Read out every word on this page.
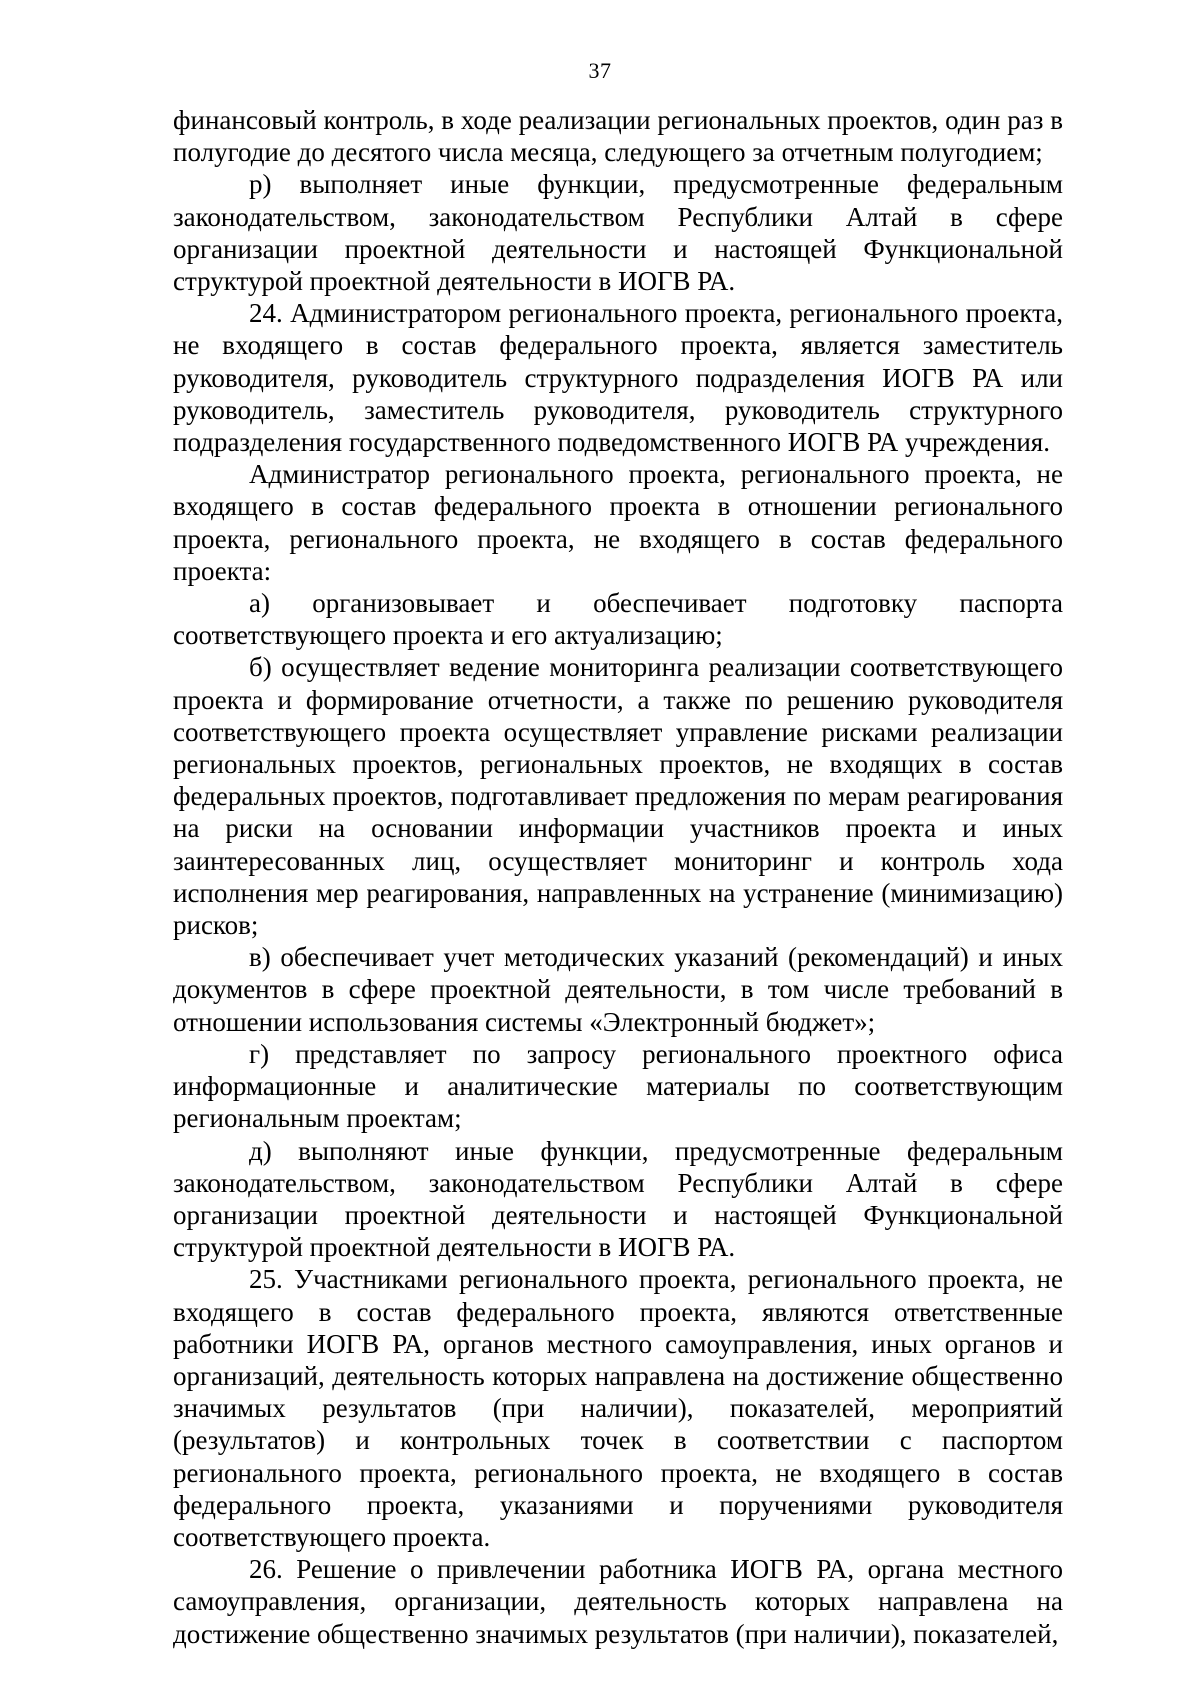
37

финансовый контроль, в ходе реализации региональных проектов, один раз в полугодие до десятого числа месяца, следующего за отчетным полугодием;

р) выполняет иные функции, предусмотренные федеральным законодательством, законодательством Республики Алтай в сфере организации проектной деятельности и настоящей Функциональной структурой проектной деятельности в ИОГВ РА.

24. Администратором регионального проекта, регионального проекта, не входящего в состав федерального проекта, является заместитель руководителя, руководитель структурного подразделения ИОГВ РА или руководитель, заместитель руководителя, руководитель структурного подразделения государственного подведомственного ИОГВ РА учреждения.

Администратор регионального проекта, регионального проекта, не входящего в состав федерального проекта в отношении регионального проекта, регионального проекта, не входящего в состав федерального проекта:

а) организовывает и обеспечивает подготовку паспорта соответствующего проекта и его актуализацию;

б) осуществляет ведение мониторинга реализации соответствующего проекта и формирование отчетности, а также по решению руководителя соответствующего проекта осуществляет управление рисками реализации региональных проектов, региональных проектов, не входящих в состав федеральных проектов, подготавливает предложения по мерам реагирования на риски на основании информации участников проекта и иных заинтересованных лиц, осуществляет мониторинг и контроль хода исполнения мер реагирования, направленных на устранение (минимизацию) рисков;

в) обеспечивает учет методических указаний (рекомендаций) и иных документов в сфере проектной деятельности, в том числе требований в отношении использования системы «Электронный бюджет»;

г) представляет по запросу регионального проектного офиса информационные и аналитические материалы по соответствующим региональным проектам;

д) выполняют иные функции, предусмотренные федеральным законодательством, законодательством Республики Алтай в сфере организации проектной деятельности и настоящей Функциональной структурой проектной деятельности в ИОГВ РА.

25. Участниками регионального проекта, регионального проекта, не входящего в состав федерального проекта, являются ответственные работники ИОГВ РА, органов местного самоуправления, иных органов и организаций, деятельность которых направлена на достижение общественно значимых результатов (при наличии), показателей, мероприятий (результатов) и контрольных точек в соответствии с паспортом регионального проекта, регионального проекта, не входящего в состав федерального проекта, указаниями и поручениями руководителя соответствующего проекта.

26. Решение о привлечении работника ИОГВ РА, органа местного самоуправления, организации, деятельность которых направлена на достижение общественно значимых результатов (при наличии), показателей,
